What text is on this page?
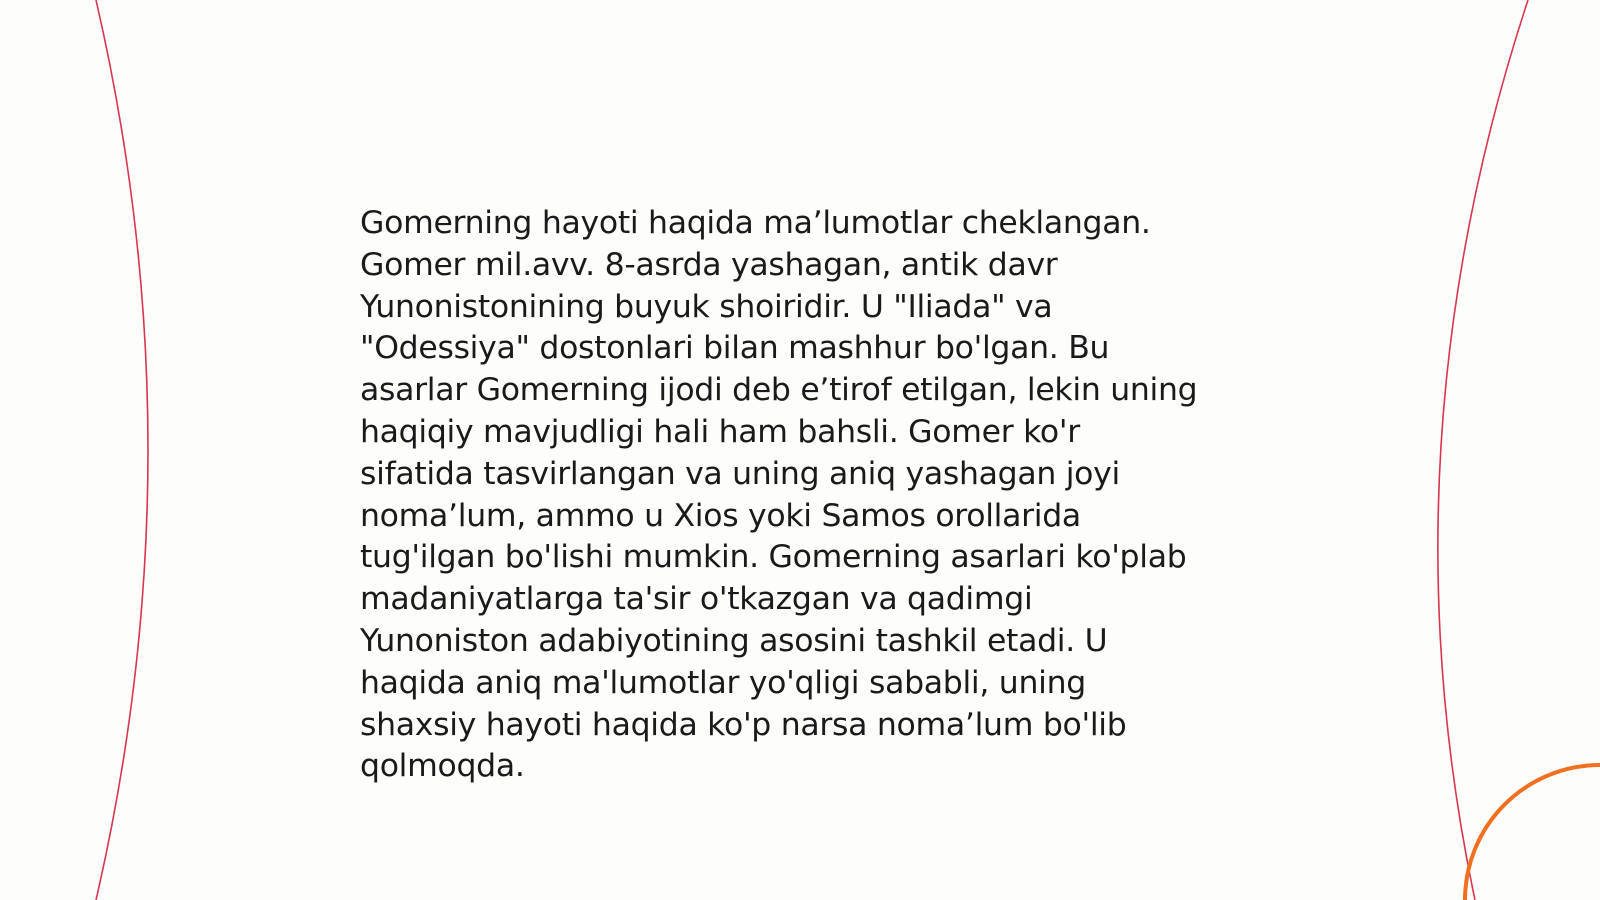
Gomerning hayoti haqida ma’lumotlar cheklangan.
Gomer mil.avv. 8-asrda yashagan, antik davr
Yunonistonining buyuk shoiridir. U "Iliada" va
"Odessiya" dostonlari bilan mashhur bo'lgan. Bu
asarlar Gomerning ijodi deb e’tirof etilgan, lekin uning
haqiqiy mavjudligi hali ham bahsli. Gomer ko'r
sifatida tasvirlangan va uning aniq yashagan joyi
noma’lum, ammo u Xios yoki Samos orollarida
tug'ilgan bo'lishi mumkin. Gomerning asarlari ko'plab
madaniyatlarga ta'sir o'tkazgan va qadimgi
Yunoniston adabiyotining asosini tashkil etadi. U
haqida aniq ma'lumotlar yo'qligi sababli, uning
shaxsiy hayoti haqida ko'p narsa noma’lum bo'lib
qolmoqda.
